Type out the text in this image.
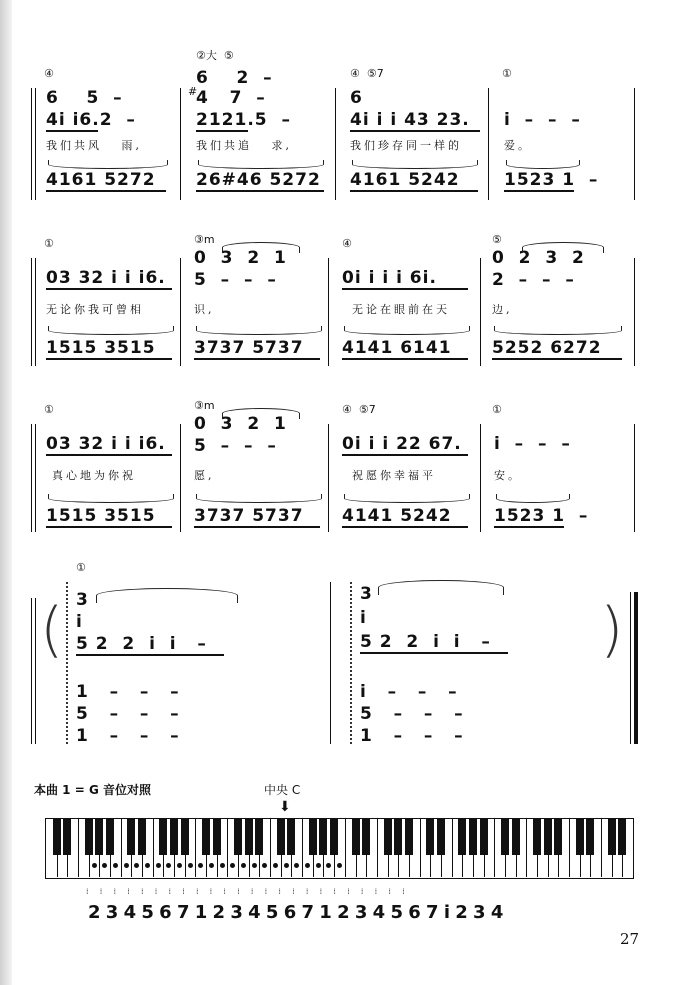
④
6    5  –
4i i6.2  –
我们共风   雨,
4161 5272
②大  ⑤
6    2  –
#
4   7  –
2121.5  –
我们共追   求,
26#46 5272
④  ⑤7
6
4i i i 43 23.
我们珍存同一样的
4161 5242
①
i  –  –  –
爱。
1523 1  –
①
03 32 i i i6.
无论你我可曾相
1515 3515
③m
0  3  2  1
5  –  –  –
识,
3737 5737
④
0i i i i 6i.
无论在眼前在天
4141 6141
⑤
0  2  3  2
2  –  –  –
边,
5252 6272
①
03 32 i i i6.
真心地为你祝
1515 3515
③m
0  3  2  1
5  –  –  –
愿,
3737 5737
④  ⑤7
0i i i 22 67.
祝愿你幸福平
4141 5242
①
i  –  –  –
安。
1523 1  –
(	)
①
3
i
5 2  2  i  i   –
1   –   –   –
5   –   –   –
1   –   –   –
3
i
5 2  2  i  i   –
i   –   –   –
5   –   –   –
1   –   –   –
本曲 1 = G 音位对照	中央 C
⬇
⁞⁞⁞⁞⁞⁞⁞⁞⁞⁞⁞⁞⁞⁞⁞⁞⁞⁞⁞⁞⁞⁞⁞⁞
2 3 4 5 6 7 1 2 3 4 5 6 7 1 2 3 4 5 6 7 i 2 3 4
27
